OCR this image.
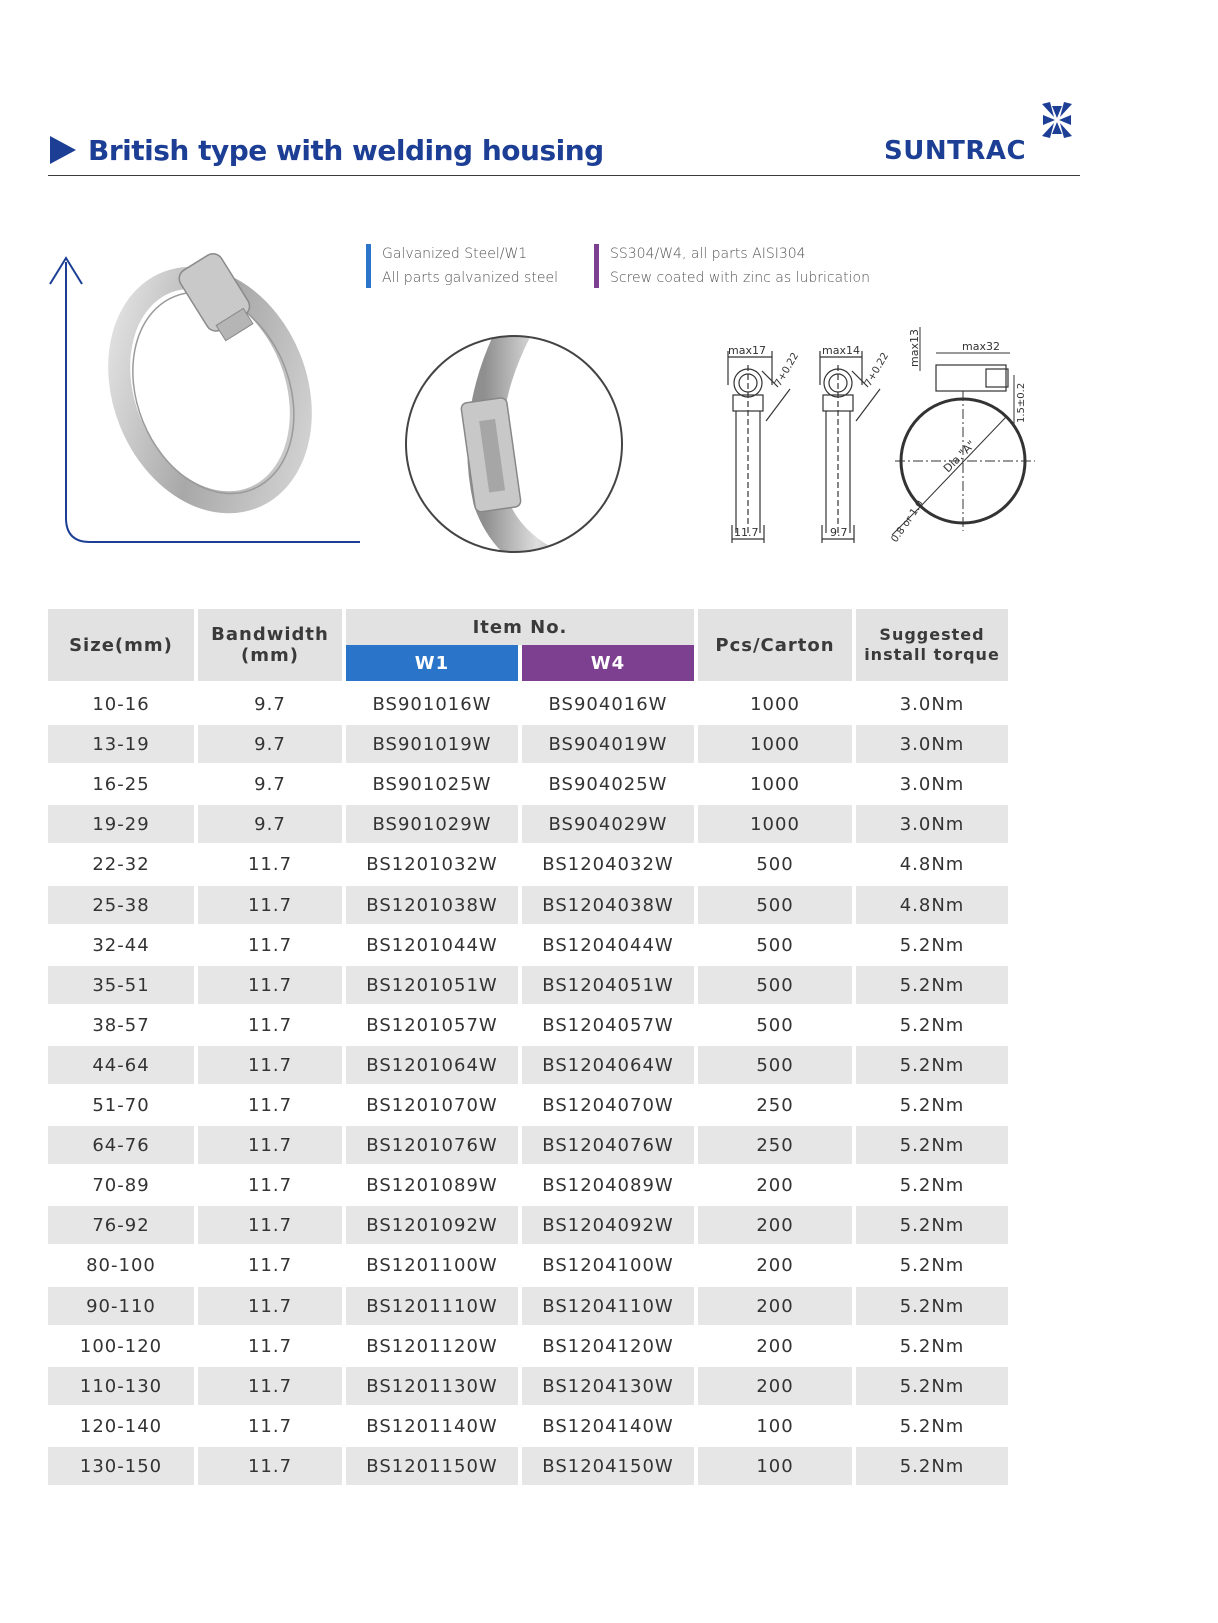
British type with welding housing	SUNTRAC
Galvanized Steel/W1
All parts galvanized steel
SS304/W4, all parts AISI304
Screw coated with zinc as lubrication
max17
7+0.22
11.7
max14
7+0.22
9.7
max13	max32
1.5±0.2
Dia."A"
0.8 or 1.0
Size(mm)	Bandwidth
(mm)
Item No.
W1	W4
Pcs/Carton	Suggested
install torque
10-16	9.7	BS901016W	BS904016W	1000	3.0Nm
13-19	9.7	BS901019W	BS904019W	1000	3.0Nm
16-25	9.7	BS901025W	BS904025W	1000	3.0Nm
19-29	9.7	BS901029W	BS904029W	1000	3.0Nm
22-32	11.7	BS1201032W	BS1204032W	500	4.8Nm
25-38	11.7	BS1201038W	BS1204038W	500	4.8Nm
32-44	11.7	BS1201044W	BS1204044W	500	5.2Nm
35-51	11.7	BS1201051W	BS1204051W	500	5.2Nm
38-57	11.7	BS1201057W	BS1204057W	500	5.2Nm
44-64	11.7	BS1201064W	BS1204064W	500	5.2Nm
51-70	11.7	BS1201070W	BS1204070W	250	5.2Nm
64-76	11.7	BS1201076W	BS1204076W	250	5.2Nm
70-89	11.7	BS1201089W	BS1204089W	200	5.2Nm
76-92	11.7	BS1201092W	BS1204092W	200	5.2Nm
80-100	11.7	BS1201100W	BS1204100W	200	5.2Nm
90-110	11.7	BS1201110W	BS1204110W	200	5.2Nm
100-120	11.7	BS1201120W	BS1204120W	200	5.2Nm
110-130	11.7	BS1201130W	BS1204130W	200	5.2Nm
120-140	11.7	BS1201140W	BS1204140W	100	5.2Nm
130-150	11.7	BS1201150W	BS1204150W	100	5.2Nm
